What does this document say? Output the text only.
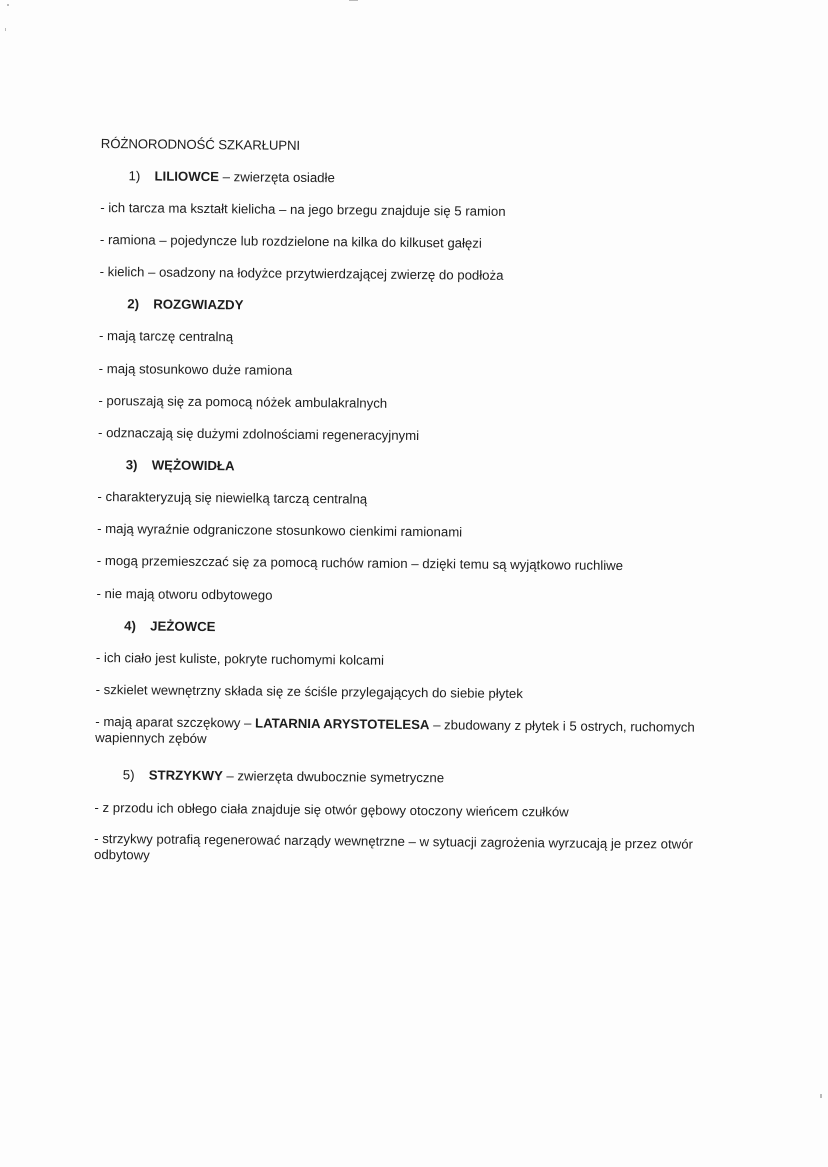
RÓŻNORODNOŚĆ SZKARŁUPNI
1) LILIOWCE – zwierzęta osiadłe
- ich tarcza ma kształt kielicha – na jego brzegu znajduje się 5 ramion
- ramiona – pojedyncze lub rozdzielone na kilka do kilkuset gałęzi
- kielich – osadzony na łodyżce przytwierdzającej zwierzę do podłoża
2) ROZGWIAZDY
- mają tarczę centralną
- mają stosunkowo duże ramiona
- poruszają się za pomocą nóżek ambulakralnych
- odznaczają się dużymi zdolnościami regeneracyjnymi
3) WĘŻOWIDŁA
- charakteryzują się niewielką tarczą centralną
- mają wyraźnie odgraniczone stosunkowo cienkimi ramionami
- mogą przemieszczać się za pomocą ruchów ramion – dzięki temu są wyjątkowo ruchliwe
- nie mają otworu odbytowego
4) JEŻOWCE
- ich ciało jest kuliste, pokryte ruchomymi kolcami
- szkielet wewnętrzny składa się ze ściśle przylegających do siebie płytek
- mają aparat szczękowy – LATARNIA ARYSTOTELESA – zbudowany z płytek i 5 ostrych, ruchomych wapiennych zębów
5) STRZYKWY – zwierzęta dwubocznie symetryczne
- z przodu ich obłego ciała znajduje się otwór gębowy otoczony wieńcem czułków
- strzykwy potrafią regenerować narządy wewnętrzne – w sytuacji zagrożenia wyrzucają je przez otwór odbytowy
